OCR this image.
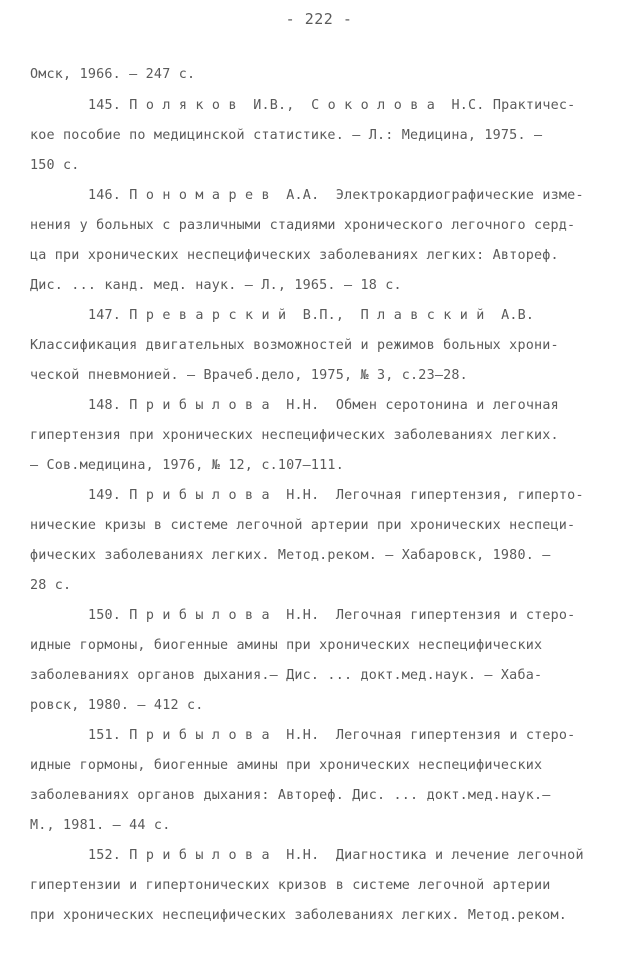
- 222 -
Омск, 1966. – 247 с.
145. П о л я к о в  И.В.,  С о к о л о в а  Н.С. Практичес-
кое пособие по медицинской статистике. – Л.: Медицина, 1975. –
150 с.
146. П о н о м а р е в  А.А.  Электрокардиографические изме-
нения у больных с различными стадиями хронического легочного серд-
ца при хронических неспецифических заболеваниях легких: Автореф.
Дис. ... канд. мед. наук. – Л., 1965. – 18 с.
147. П р е в а р с к и й  В.П.,  П л а в с к и й  А.В.
Классификация двигательных возможностей и режимов больных хрони-
ческой пневмонией. – Врачеб.дело, 1975, № 3, с.23–28.
148. П р и б ы л о в а  Н.Н.  Обмен серотонина и легочная
гипертензия при хронических неспецифических заболеваниях легких.
– Сов.медицина, 1976, № 12, с.107–111.
149. П р и б ы л о в а  Н.Н.  Легочная гипертензия, гиперто-
нические кризы в системе легочной артерии при хронических неспеци-
фических заболеваниях легких. Метод.реком. – Хабаровск, 1980. –
28 с.
150. П р и б ы л о в а  Н.Н.  Легочная гипертензия и стеро-
идные гормоны, биогенные амины при хронических неспецифических
заболеваниях органов дыхания.– Дис. ... докт.мед.наук. – Хаба-
ровск, 1980. – 412 с.
151. П р и б ы л о в а  Н.Н.  Легочная гипертензия и стеро-
идные гормоны, биогенные амины при хронических неспецифических
заболеваниях органов дыхания: Автореф. Дис. ... докт.мед.наук.–
М., 1981. – 44 с.
152. П р и б ы л о в а  Н.Н.  Диагностика и лечение легочной
гипертензии и гипертонических кризов в системе легочной артерии
при хронических неспецифических заболеваниях легких. Метод.реком.
